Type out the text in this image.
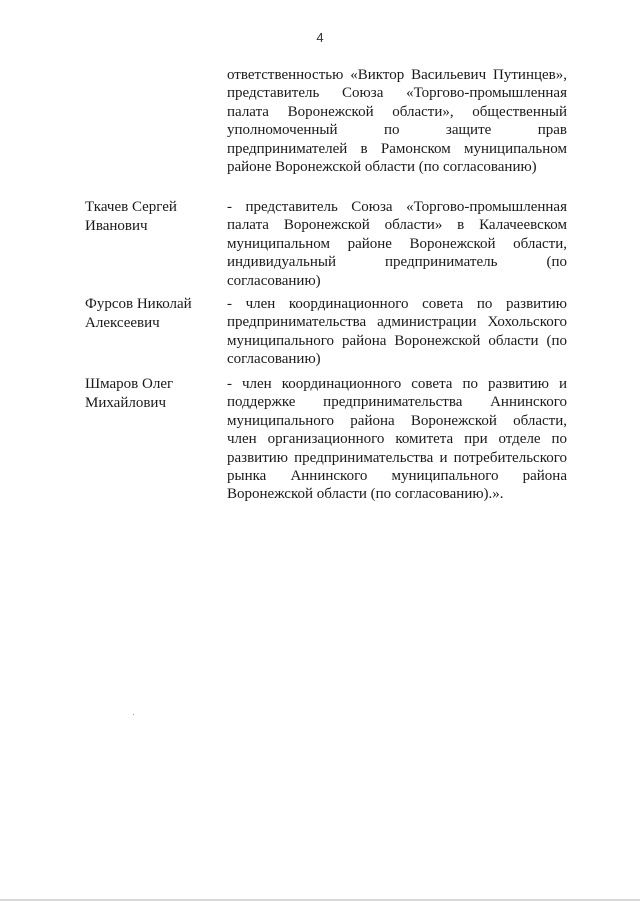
4
ответственностью «Виктор Васильевич Путинцев»,
представитель Союза «Торгово-промышленная
палата Воронежской области», общественный
уполномоченный по защите прав
предпринимателей в Рамонском муниципальном
районе Воронежской области (по согласованию)
Ткачев Сергей
Иванович
- представитель Союза «Торгово-промышленная
палата Воронежской области» в Калачеевском
муниципальном районе Воронежской области,
индивидуальный предприниматель (по
согласованию)
Фурсов Николай
Алексеевич
- член координационного совета по развитию
предпринимательства администрации Хохольского
муниципального района Воронежской области (по
согласованию)
Шмаров Олег
Михайлович
- член координационного совета по развитию и
поддержке предпринимательства Аннинского
муниципального района Воронежской области,
член организационного комитета при отделе по
развитию предпринимательства и потребительского
рынка Аннинского муниципального района
Воронежской области (по согласованию).».
